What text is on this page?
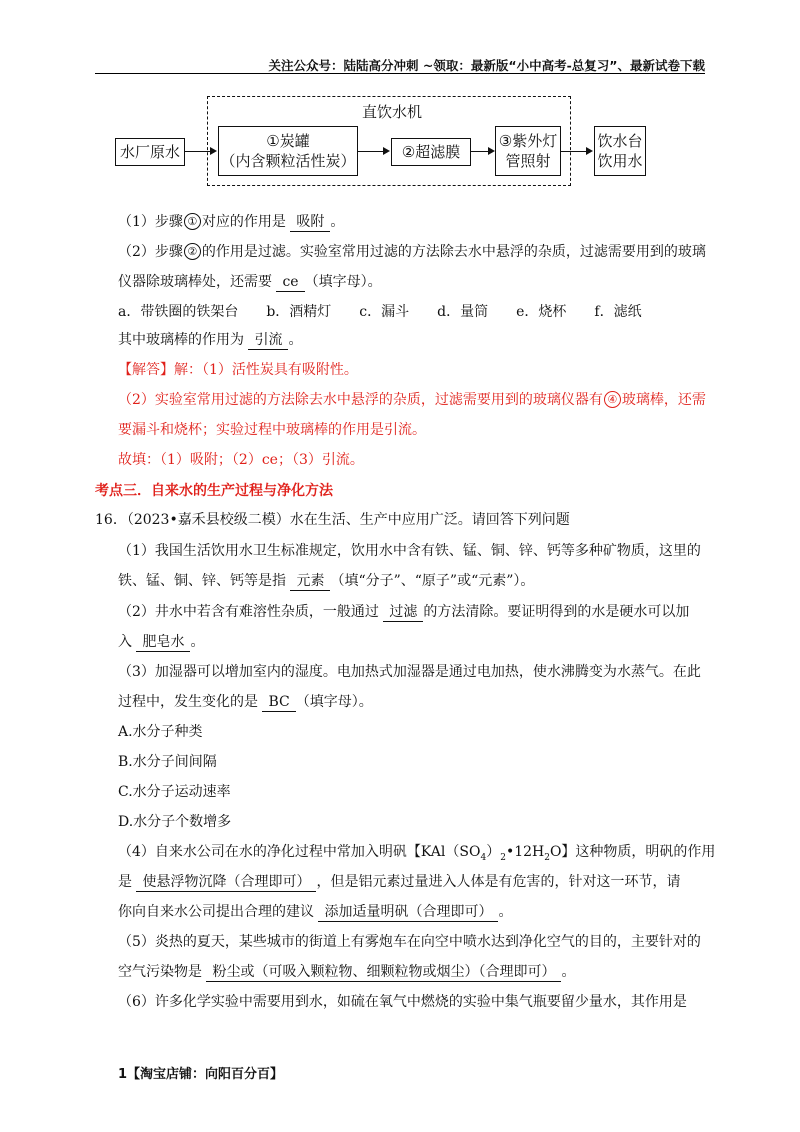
关注公众号：陆陆高分冲刺 ~领取：最新版“小中高考-总复习”、最新试卷下载
直饮水机
水厂原水
①炭罐
（内含颗粒活性炭）
②超滤膜
③紫外灯
管照射
饮水台
饮用水
（1）步骤 ① 对应的作用是 吸附 。
（2）步骤 ② 的作用是过滤。实验室常用过滤的方法除去水中悬浮的杂质，过滤需要用到的玻璃
仪器除玻璃棒处，还需要 ce （填字母）。
a．带铁圈的铁架台　　b．酒精灯　　c．漏斗　　d．量筒　　e．烧杯　　f．滤纸
其中玻璃棒的作用为 引流 。
【解答】解：（1）活性炭具有吸附性。
（2）实验室常用过滤的方法除去水中悬浮的杂质，过滤需要用到的玻璃仪器有 ④ 玻璃棒，还需
要漏斗和烧杯；实验过程中玻璃棒的作用是引流。
故填：（1）吸附；（2）ce；（3）引流。
考点三．自来水的生产过程与净化方法
16．（2023•嘉禾县校级二模）水在生活、生产中应用广泛。请回答下列问题
（1）我国生活饮用水卫生标准规定，饮用水中含有铁、锰、铜、锌、钙等多种矿物质，这里的
铁、锰、铜、锌、钙等是指 元素 （填“分子”、“原子”或“元素”）。
（2）井水中若含有难溶性杂质，一般通过 过滤 的方法清除。要证明得到的水是硬水可以加
入 肥皂水 。
（3）加湿器可以增加室内的湿度。电加热式加湿器是通过电加热，使水沸腾变为水蒸气。在此
过程中，发生变化的是 BC （填字母）。
A.水分子种类
B.水分子间间隔
C.水分子运动速率
D.水分子个数增多
（4）自来水公司在水的净化过程中常加入明矾【$KAl(SO_4)_2•12H_2O$】这种物质，明矾的作用
是 使悬浮物沉降（合理即可） ，但是铝元素过量进入人体是有危害的，针对这一环节，请
你向自来水公司提出合理的建议 添加适量明矾（合理即可） 。
（5）炎热的夏天，某些城市的街道上有雾炮车在向空中喷水达到净化空气的目的，主要针对的
空气污染物是 粉尘或（可吸入颗粒物、细颗粒物或烟尘）（合理即可） 。
（6）许多化学实验中需要用到水，如硫在氧气中燃烧的实验中集气瓶要留少量水，其作用是
1【淘宝店铺：向阳百分百】
